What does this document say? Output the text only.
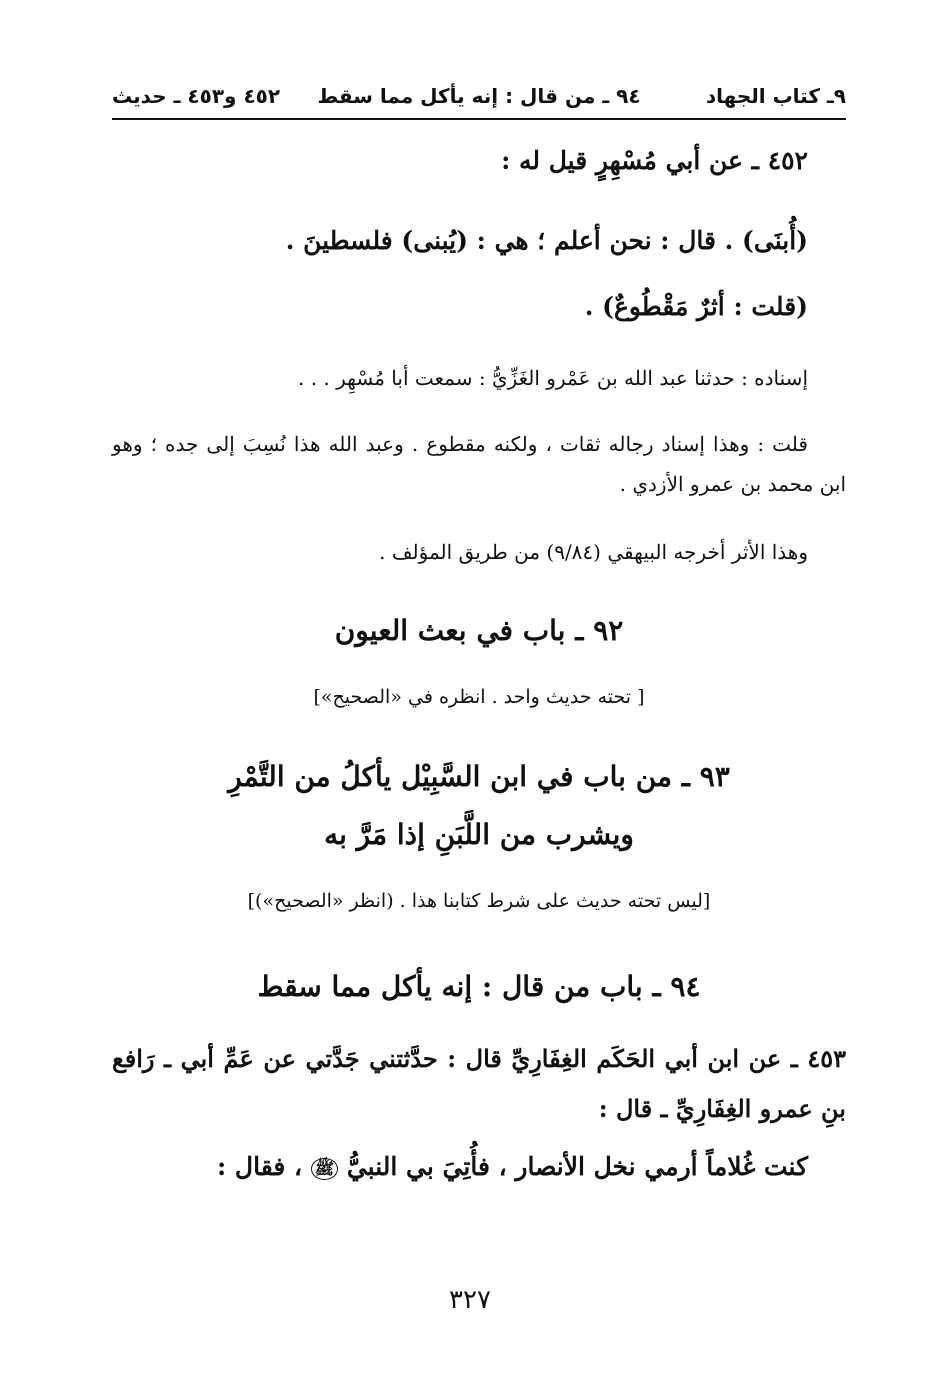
٩ـ كتاب الجهاد
٩٤ ـ من قال : إنه يأكل مما سقط
٤٥٢ و٤٥٣ ـ حديث
٤٥٢ ـ عن أبي مُسْهِرٍ قيل له :
(أُبنَى) . قال : نحن أعلم ؛ هي : (يُبنى) فلسطينَ .
(قلت : أثرٌ مَقْطُوعٌ) .
إسناده : حدثنا عبد الله بن عَمْرو الغَزِّيُّ : سمعت أبا مُسْهِر . . .
قلت : وهذا إسناد رجاله ثقات ، ولكنه مقطوع . وعبد الله هذا نُسِبَ إلى جده ؛ وهو ابن محمد بن عمرو الأزدي .
وهذا الأثر أخرجه البيهقي (٩/٨٤) من طريق المؤلف .
٩٢ ـ باب في بعث العيون
[ تحته حديث واحد . انظره في «الصحيح»]
٩٣ ـ من باب في ابن السَّبِيْل يأكلُ من التَّمْرِ
ويشرب من اللَّبَنِ إذا مَرَّ به
[ليس تحته حديث على شرط كتابنا هذا . (انظر «الصحيح»)]
٩٤ ـ باب من قال : إنه يأكل مما سقط
٤٥٣ ـ عن ابن أبي الحَكَم الغِفَارِيِّ قال : حدَّثتني جَدَّتي عن عَمِّ أبي ـ رَافع بنِ عمرو الغِفَارِيِّ ـ قال :
كنت غُلاماً أرمي نخل الأنصار ، فأُتِيَ بي النبيُّ ﷺ ، فقال :
٣٢٧
